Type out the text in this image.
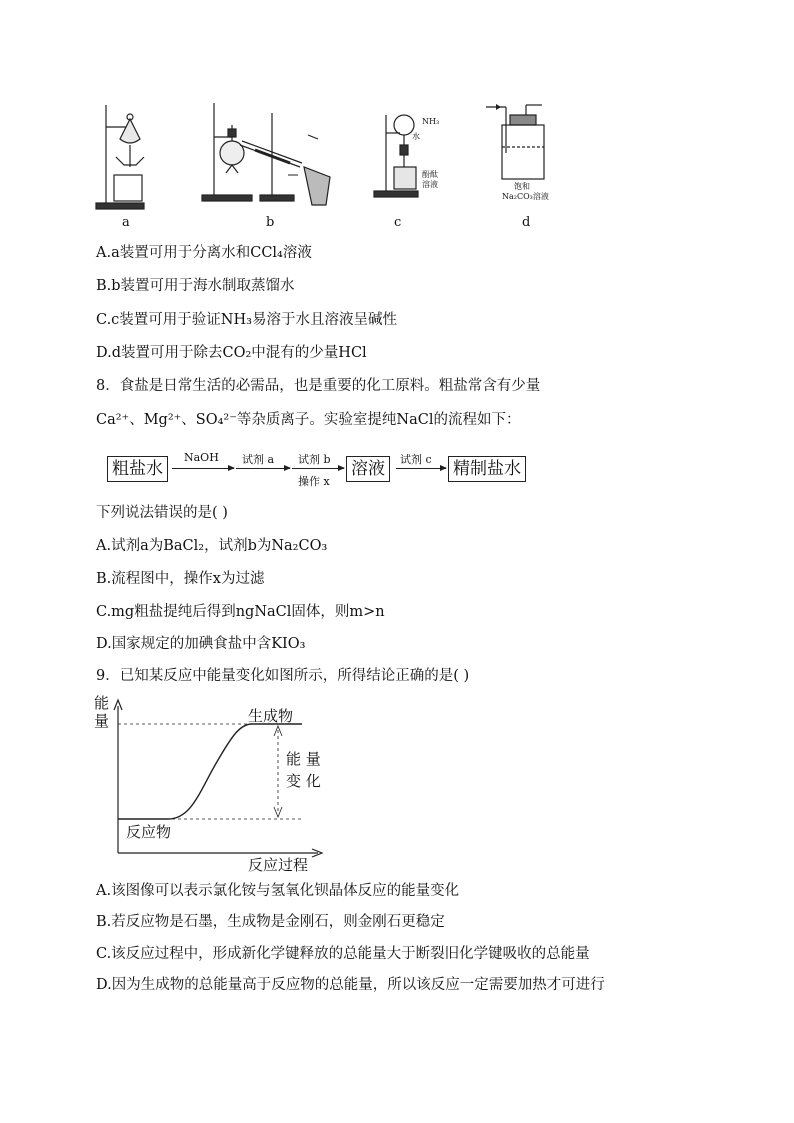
NH₃
水
酚酞
溶液	饱和
Na₂CO₃溶液
a	b	c	d
A.a装置可用于分离水和CCl₄溶液
B.b装置可用于海水制取蒸馏水
C.c装置可用于验证NH₃易溶于水且溶液呈碱性
D.d装置可用于除去CO₂中混有的少量HCl
8．食盐是日常生活的必需品，也是重要的化工原料。粗盐常含有少量
Ca²⁺、Mg²⁺、SO₄²⁻等杂质离子。实验室提纯NaCl的流程如下：
粗盐水
NaOH 试剂 a 试剂 b
操作 x
溶液	试剂 c 精制盐水
下列说法错误的是( )
A.试剂a为BaCl₂，试剂b为Na₂CO₃
B.流程图中，操作x为过滤
C.mg粗盐提纯后得到ngNaCl固体，则m>n
D.国家规定的加碘食盐中含KIO₃
9．已知某反应中能量变化如图所示，所得结论正确的是( )
能
量	生成物
反应物
能 量
变 化
反应过程
A.该图像可以表示氯化铵与氢氧化钡晶体反应的能量变化
B.若反应物是石墨，生成物是金刚石，则金刚石更稳定
C.该反应过程中，形成新化学键释放的总能量大于断裂旧化学键吸收的总能量
D.因为生成物的总能量高于反应物的总能量，所以该反应一定需要加热才可进行
